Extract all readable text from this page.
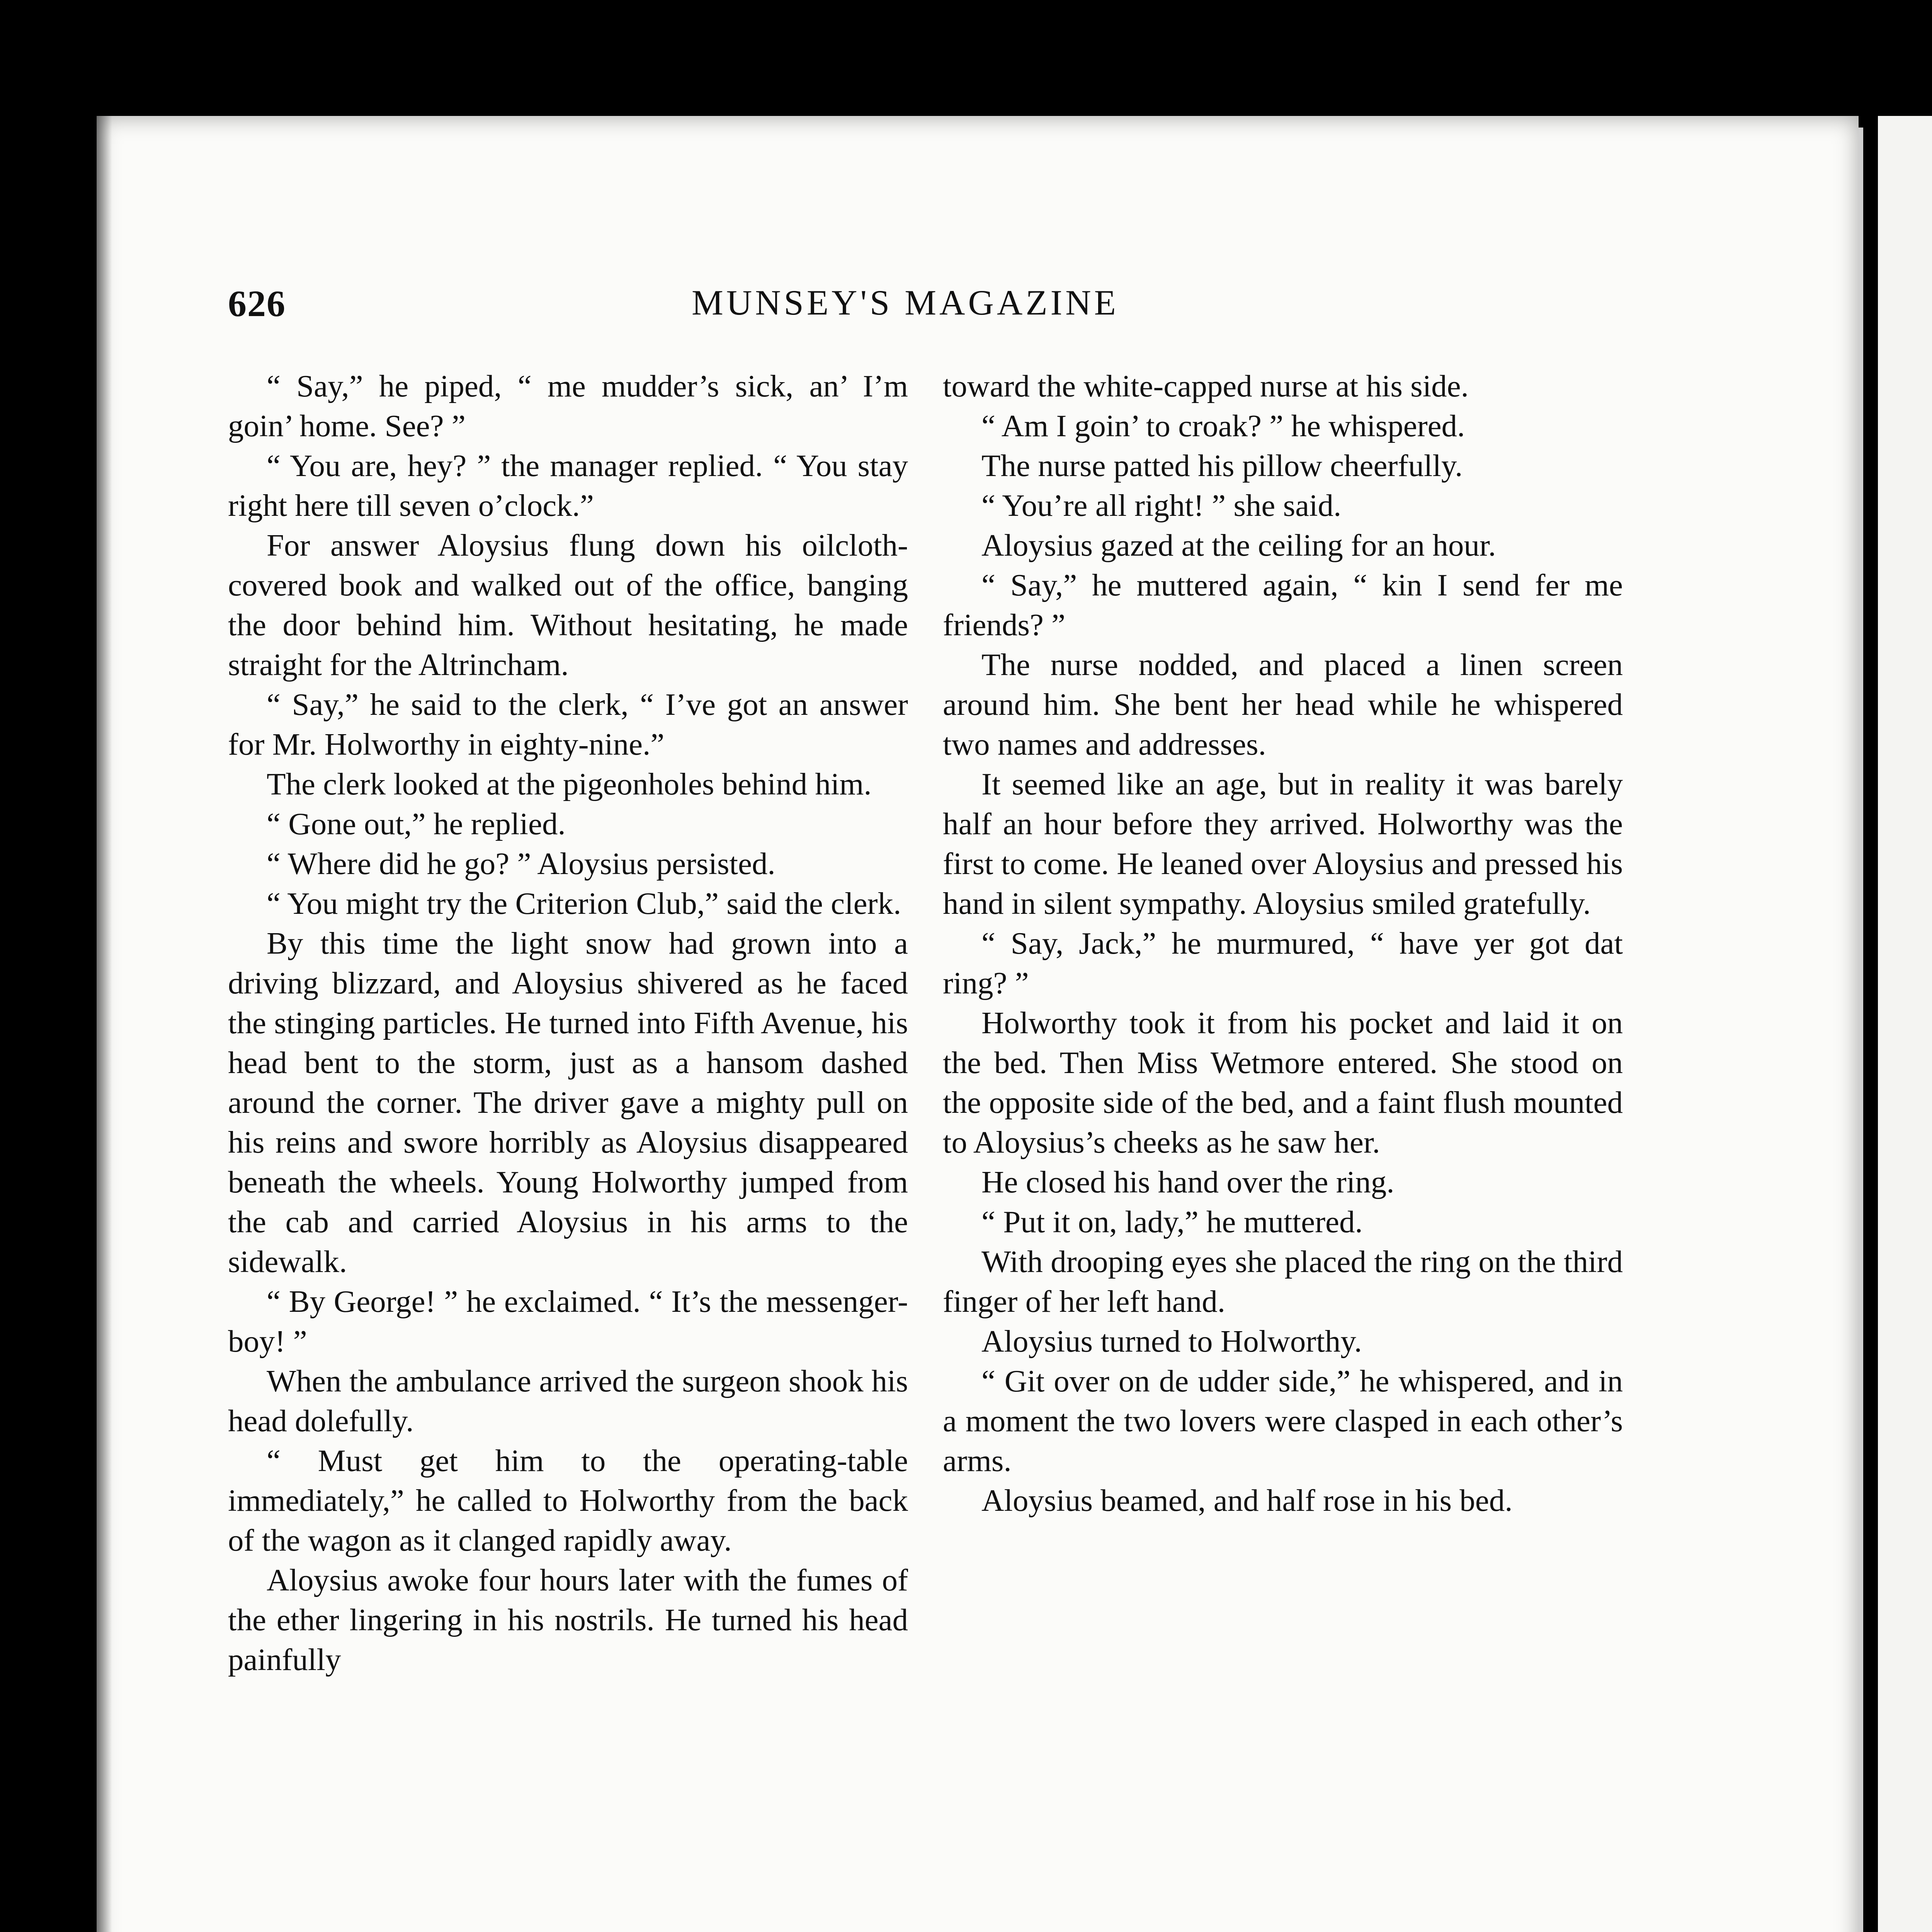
626	MUNSEY'S MAGAZINE

“ Say,” he piped, “ me mudder’s sick, an’ I’m goin’ home. See? ”

“ You are, hey? ” the manager replied. “ You stay right here till seven o’clock.”

For answer Aloysius flung down his oilcloth-covered book and walked out of the office, banging the door behind him. Without hesitating, he made straight for the Altrincham.

“ Say,” he said to the clerk, “ I’ve got an answer for Mr. Holworthy in eighty-nine.”

The clerk looked at the pigeonholes behind him.

“ Gone out,” he replied.

“ Where did he go? ” Aloysius persisted.

“ You might try the Criterion Club,” said the clerk.

By this time the light snow had grown into a driving blizzard, and Aloysius shivered as he faced the stinging particles. He turned into Fifth Avenue, his head bent to the storm, just as a hansom dashed around the corner. The driver gave a mighty pull on his reins and swore horribly as Aloysius disappeared beneath the wheels. Young Holworthy jumped from the cab and carried Aloysius in his arms to the sidewalk.

“ By George! ” he exclaimed. “ It’s the messenger-boy! ”

When the ambulance arrived the surgeon shook his head dolefully.

“ Must get him to the operating-table immediately,” he called to Holworthy from the back of the wagon as it clanged rapidly away.

Aloysius awoke four hours later with the fumes of the ether lingering in his nostrils. He turned his head painfully

toward the white-capped nurse at his side.

“ Am I goin’ to croak? ” he whispered.

The nurse patted his pillow cheerfully.

“ You’re all right! ” she said.

Aloysius gazed at the ceiling for an hour.

“ Say,” he muttered again, “ kin I send fer me friends? ”

The nurse nodded, and placed a linen screen around him. She bent her head while he whispered two names and addresses.

It seemed like an age, but in reality it was barely half an hour before they arrived. Holworthy was the first to come. He leaned over Aloysius and pressed his hand in silent sympathy. Aloysius smiled gratefully.

“ Say, Jack,” he murmured, “ have yer got dat ring? ”

Holworthy took it from his pocket and laid it on the bed. Then Miss Wetmore entered. She stood on the opposite side of the bed, and a faint flush mounted to Aloysius’s cheeks as he saw her.

He closed his hand over the ring.

“ Put it on, lady,” he muttered.

With drooping eyes she placed the ring on the third finger of her left hand.

Aloysius turned to Holworthy.

“ Git over on de udder side,” he whispered, and in a moment the two lovers were clasped in each other’s arms.

Aloysius beamed, and half rose in his bed.
